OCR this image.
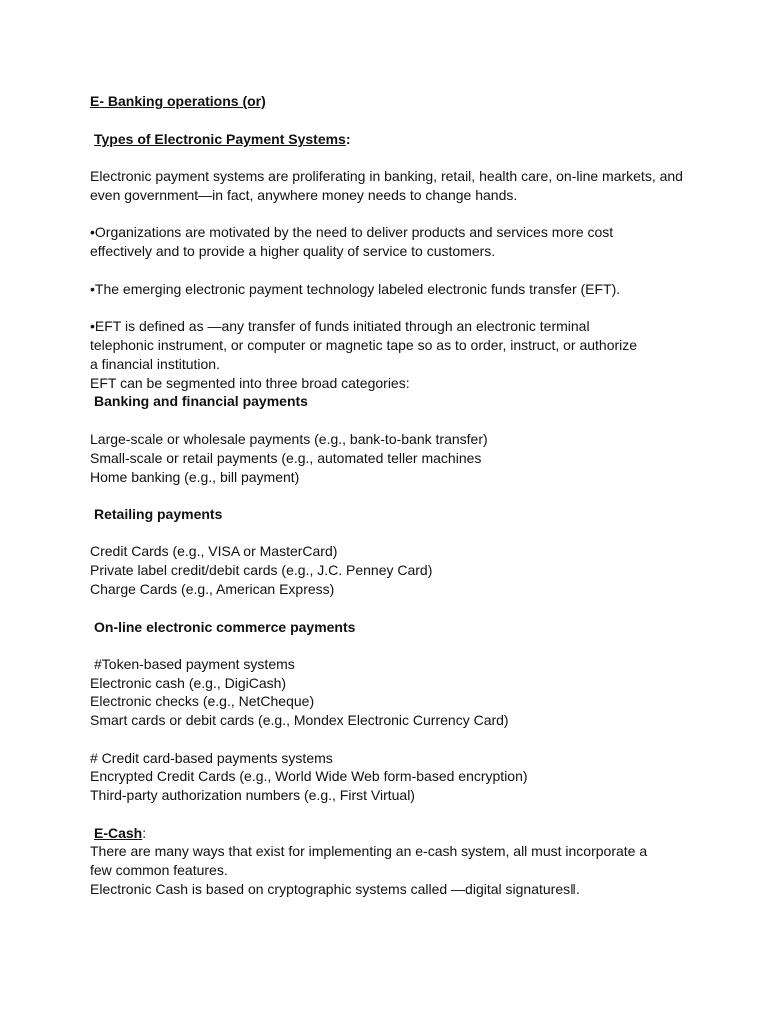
E- Banking operations (or)
Types of Electronic Payment Systems:
Electronic payment systems are proliferating in banking, retail, health care, on-line markets, and
even government—in fact, anywhere money needs to change hands.
•Organizations are motivated by the need to deliver products and services more cost
effectively and to provide a higher quality of service to customers.
•The emerging electronic payment technology labeled electronic funds transfer (EFT).
•EFT is defined as —any transfer of funds initiated through an electronic terminal
telephonic instrument, or computer or magnetic tape so as to order, instruct, or authorize
a financial institution.
EFT can be segmented into three broad categories:
Banking and financial payments
Large-scale or wholesale payments (e.g., bank-to-bank transfer)
Small-scale or retail payments (e.g., automated teller machines
Home banking (e.g., bill payment)
Retailing payments
Credit Cards (e.g., VISA or MasterCard)
Private label credit/debit cards (e.g., J.C. Penney Card)
Charge Cards (e.g., American Express)
On-line electronic commerce payments
#Token-based payment systems
Electronic cash (e.g., DigiCash)
Electronic checks (e.g., NetCheque)
Smart cards or debit cards (e.g., Mondex Electronic Currency Card)
# Credit card-based payments systems
Encrypted Credit Cards (e.g., World Wide Web form-based encryption)
Third-party authorization numbers (e.g., First Virtual)
E-Cash:
There are many ways that exist for implementing an e-cash system, all must incorporate a
few common features.
Electronic Cash is based on cryptographic systems called —digital signatures‖.
